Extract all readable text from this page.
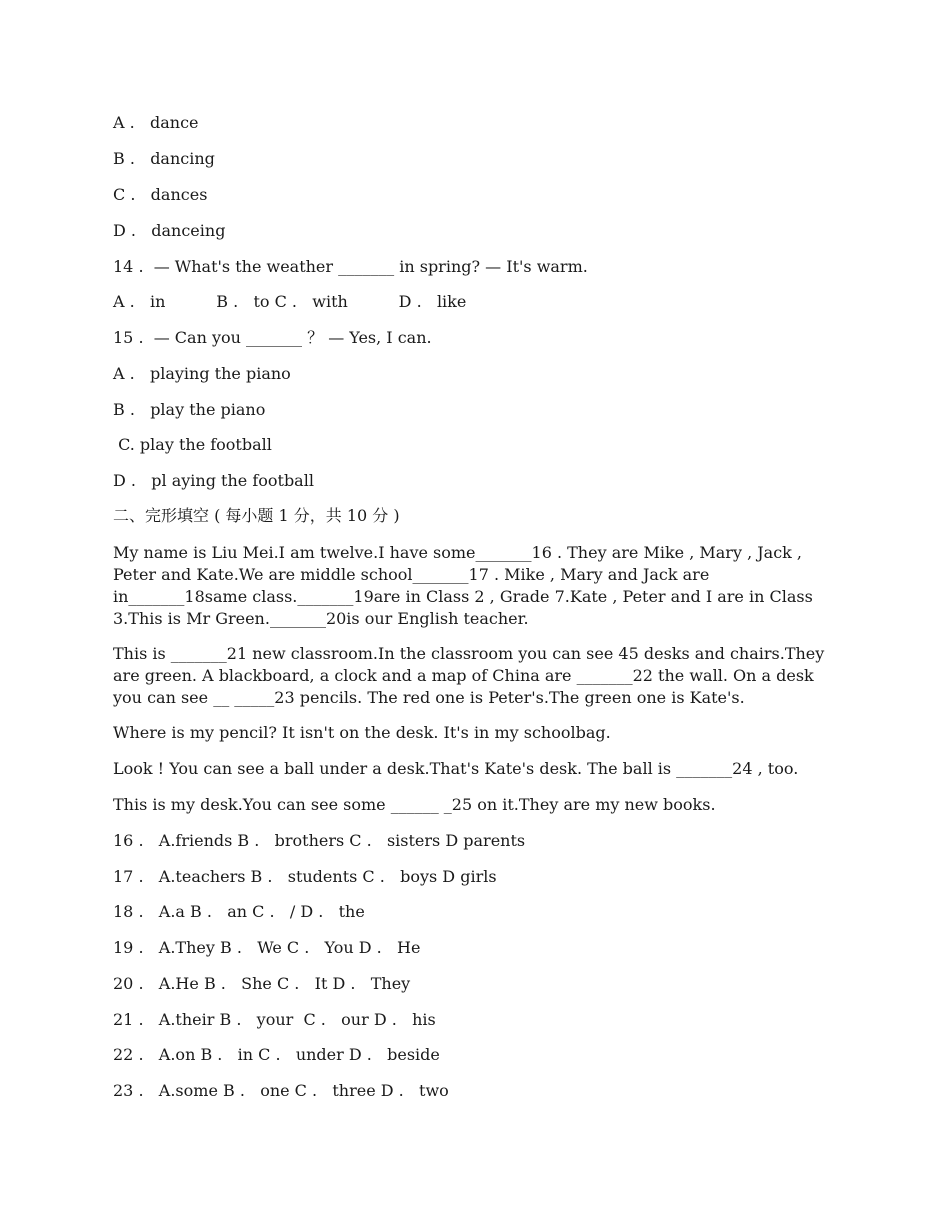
A .   dance
B .   dancing
C .   dances
D .   danceing
14 .  — What's the weather _______ in spring? — It's warm.
A .   in          B .   to C .   with          D .   like
15 .  — Can you _______ ？ — Yes, I can.
A .   playing the piano
B .   play the piano
C. play the football
D .   pl aying the football
二、完形填空 ( 每小题 1 分，共 10 分 )
My name is Liu Mei.I am twelve.I have some_______16 . They are Mike , Mary , Jack , Peter and Kate.We are middle school_______17 . Mike , Mary and Jack are in_______18same class._______19are in Class 2 , Grade 7.Kate , Peter and I are in Class 3.This is Mr Green._______20is our English teacher.
This is _______21 new classroom.In the classroom you can see 45 desks and chairs.They are green. A blackboard, a clock and a map of China are _______22 the wall. On a desk you can see __ _____23 pencils. The red one is Peter's.The green one is Kate's.
Where is my pencil? It isn't on the desk. It's in my schoolbag.
Look ! You can see a ball under a desk.That's Kate's desk. The ball is _______24 , too.
This is my desk.You can see some ______ _25 on it.They are my new books.
16 .   A.friends B .   brothers C .   sisters D parents
17 .   A.teachers B .   students C .   boys D girls
18 .   A.a B .   an C .   / D .   the
19 .   A.They B .   We C .   You D .   He
20 .   A.He B .   She C .   It D .   They
21 .   A.their B .   your  C .   our D .   his
22 .   A.on B .   in C .   under D .   beside
23 .   A.some B .   one C .   three D .   two
